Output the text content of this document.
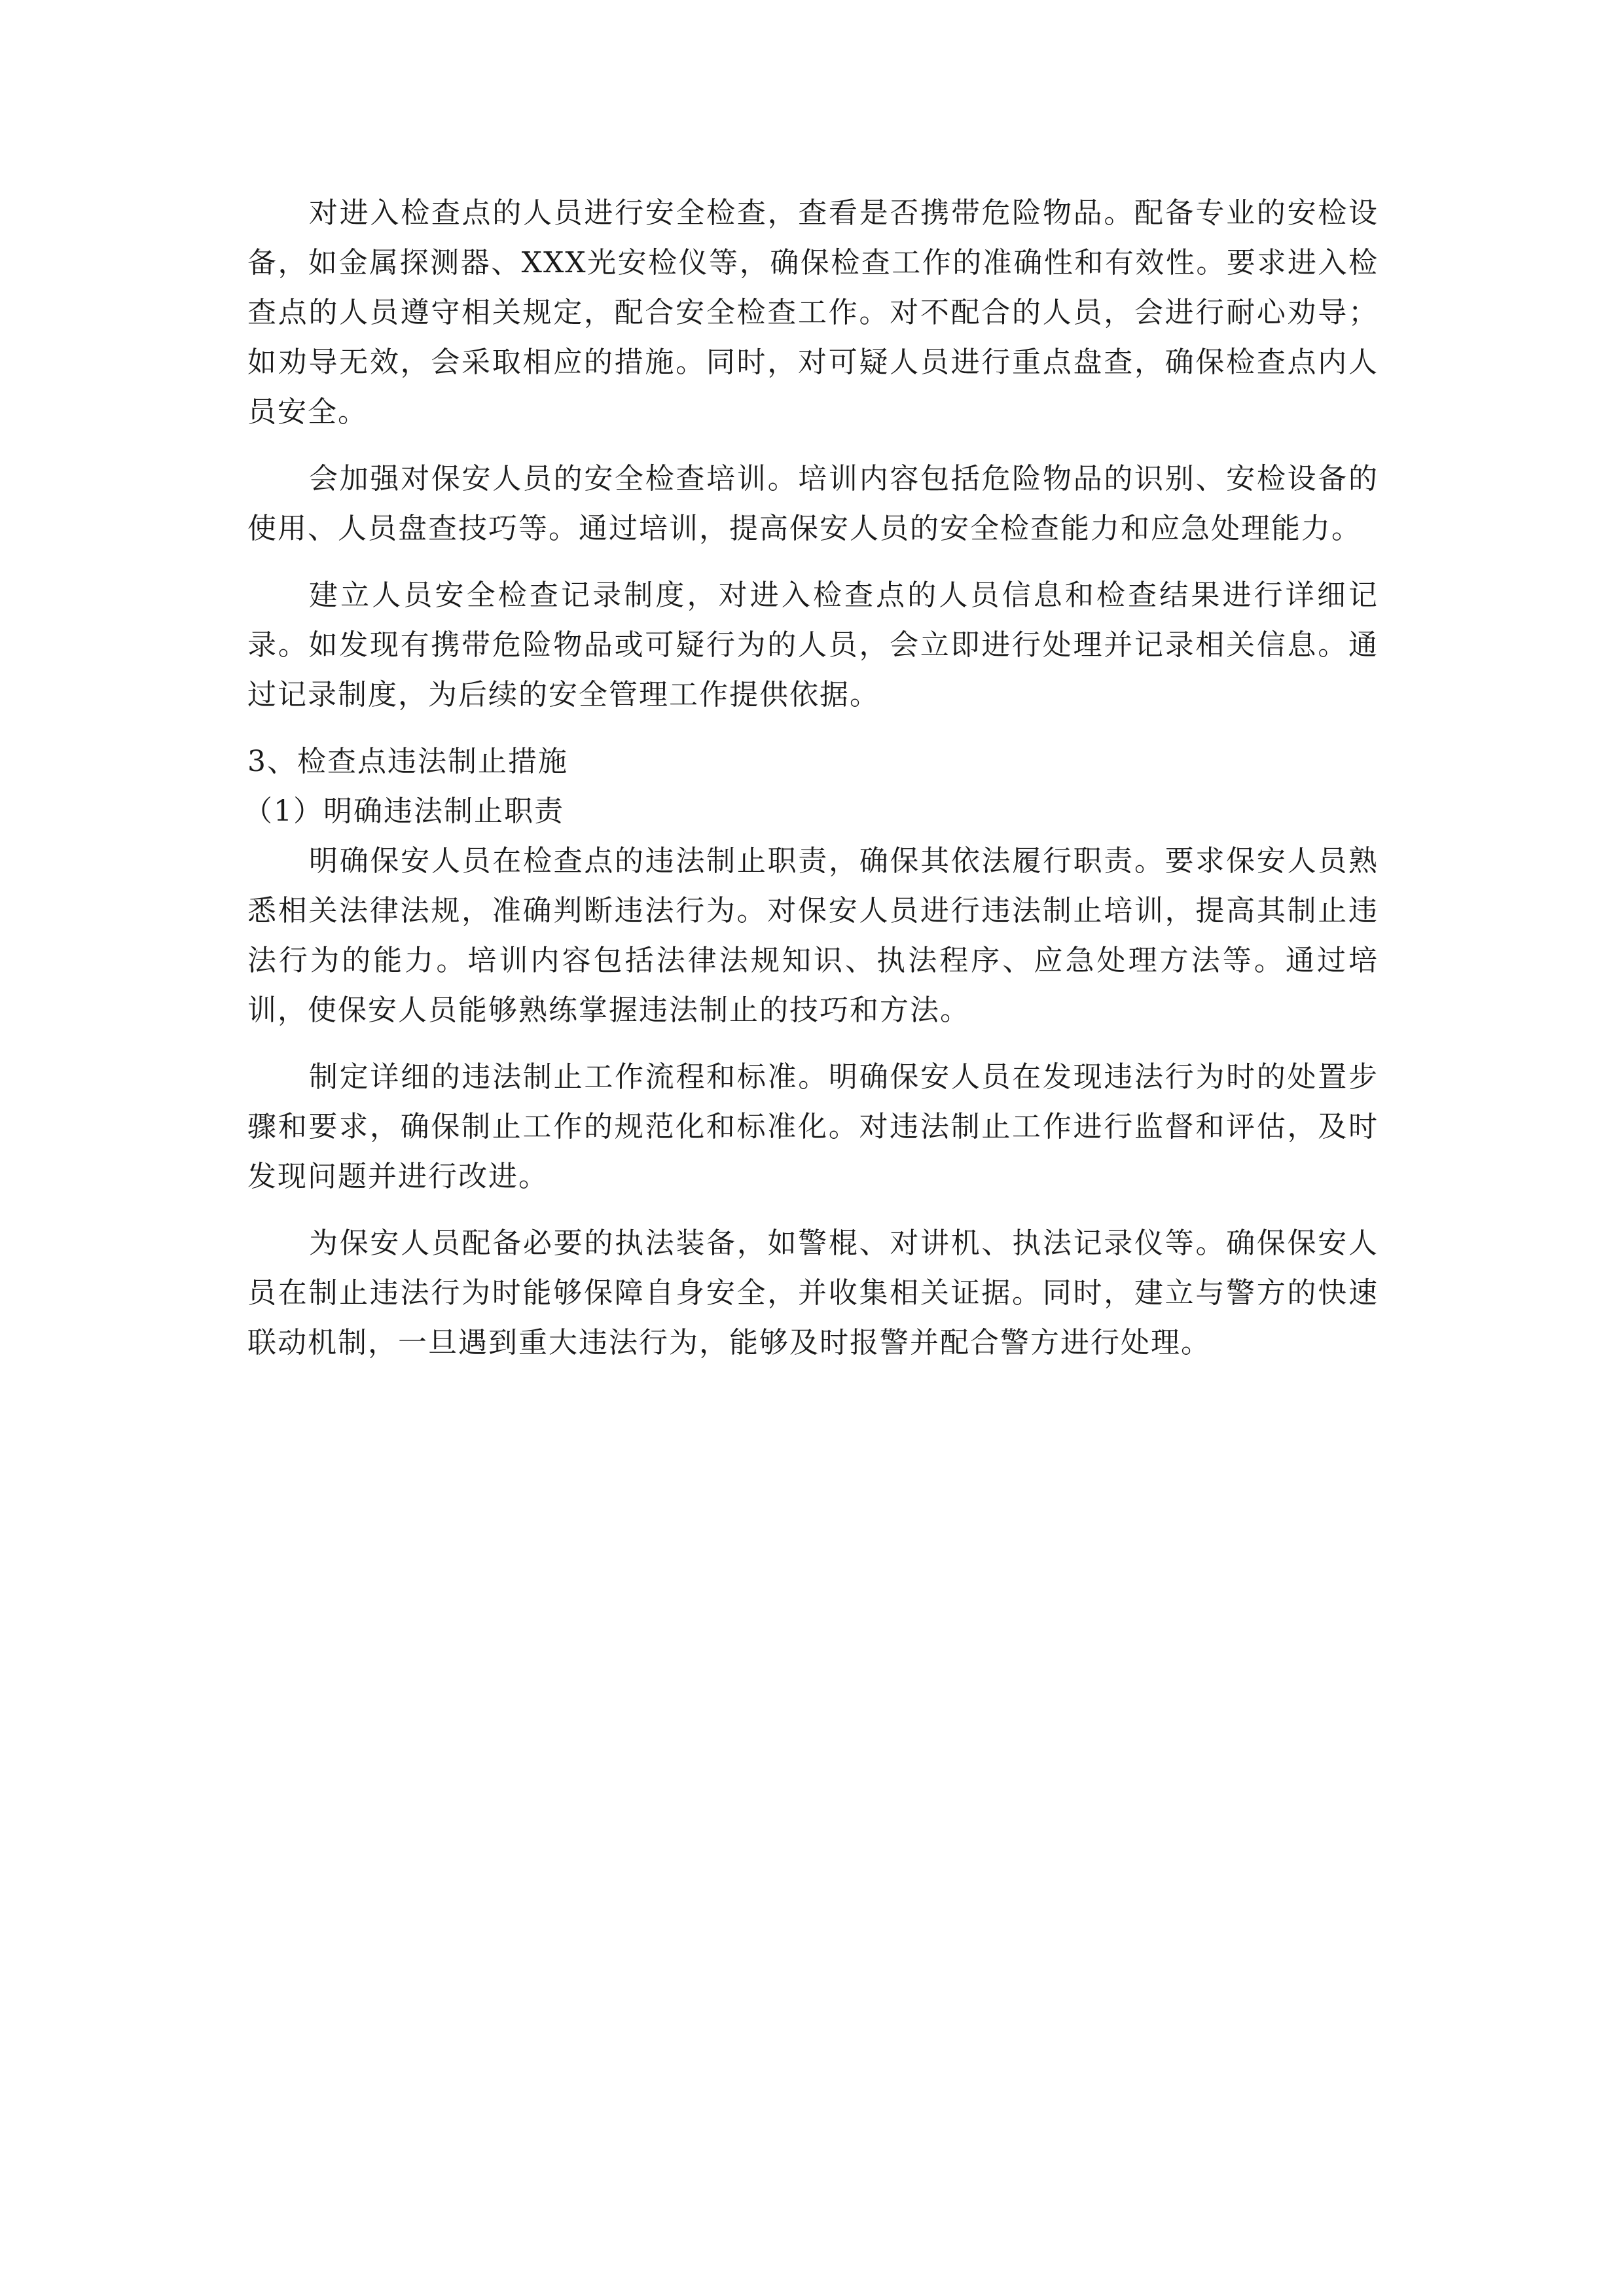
对进入检查点的人员进行安全检查，查看是否携带危险物品。配备专业的安检设备，如金属探测器、XXX光安检仪等，确保检查工作的准确性和有效性。要求进入检查点的人员遵守相关规定，配合安全检查工作。对不配合的人员，会进行耐心劝导；如劝导无效，会采取相应的措施。同时，对可疑人员进行重点盘查，确保检查点内人员安全。

会加强对保安人员的安全检查培训。培训内容包括危险物品的识别、安检设备的使用、人员盘查技巧等。通过培训，提高保安人员的安全检查能力和应急处理能力。

建立人员安全检查记录制度，对进入检查点的人员信息和检查结果进行详细记录。如发现有携带危险物品或可疑行为的人员，会立即进行处理并记录相关信息。通过记录制度，为后续的安全管理工作提供依据。

3、检查点违法制止措施

（1）明确违法制止职责

明确保安人员在检查点的违法制止职责，确保其依法履行职责。要求保安人员熟悉相关法律法规，准确判断违法行为。对保安人员进行违法制止培训，提高其制止违法行为的能力。培训内容包括法律法规知识、执法程序、应急处理方法等。通过培训，使保安人员能够熟练掌握违法制止的技巧和方法。

制定详细的违法制止工作流程和标准。明确保安人员在发现违法行为时的处置步骤和要求，确保制止工作的规范化和标准化。对违法制止工作进行监督和评估，及时发现问题并进行改进。

为保安人员配备必要的执法装备，如警棍、对讲机、执法记录仪等。确保保安人员在制止违法行为时能够保障自身安全，并收集相关证据。同时，建立与警方的快速联动机制，一旦遇到重大违法行为，能够及时报警并配合警方进行处理。
